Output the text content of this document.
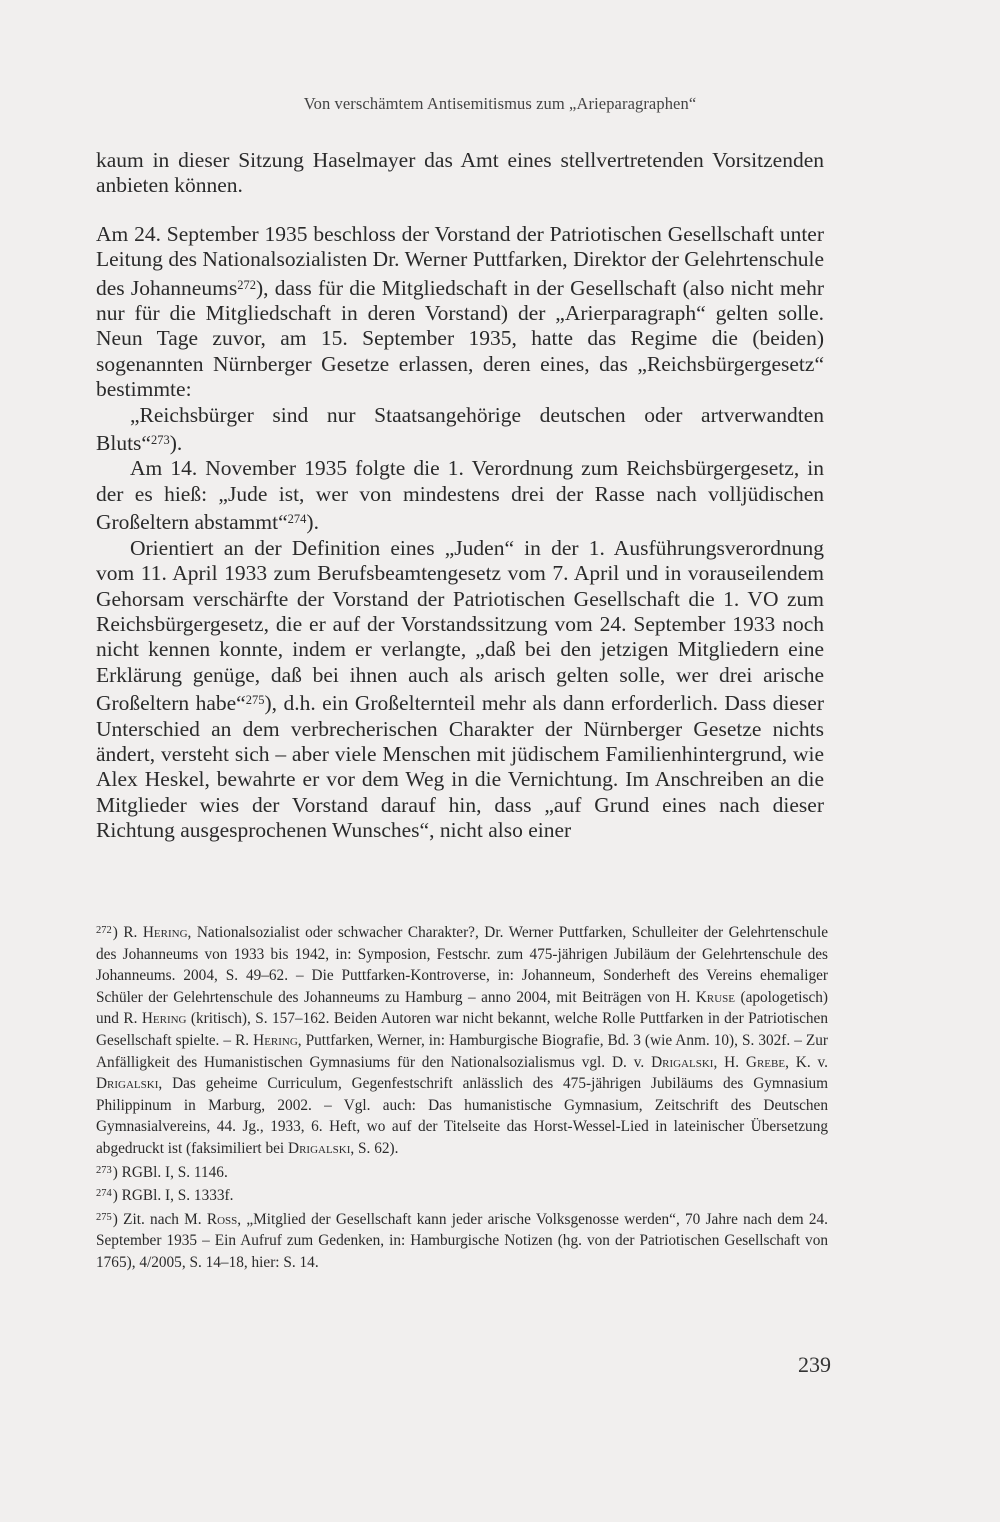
Von verschämtem Antisemitismus zum „Arieparagraphen“

kaum in dieser Sitzung Haselmayer das Amt eines stellvertretenden Vorsitzenden anbieten können.

Am 24. September 1935 beschloss der Vorstand der Patriotischen Gesellschaft unter Leitung des Nationalsozialisten Dr. Werner Puttfarken, Direktor der Gelehrtenschule des Johanneums$^{272}$), dass für die Mitgliedschaft in der Gesellschaft (also nicht mehr nur für die Mitgliedschaft in deren Vorstand) der „Arierparagraph“ gelten solle. Neun Tage zuvor, am 15. September 1935, hatte das Regime die (beiden) sogenannten Nürnberger Gesetze erlassen, deren eines, das „Reichsbürgergesetz“ bestimmte:

„Reichsbürger sind nur Staatsangehörige deutschen oder artverwandten Bluts“$^{273}$).

Am 14. November 1935 folgte die 1. Verordnung zum Reichsbürgergesetz, in der es hieß: „Jude ist, wer von mindestens drei der Rasse nach volljüdischen Großeltern abstammt“$^{274}$).

Orientiert an der Definition eines „Juden“ in der 1. Ausführungsverordnung vom 11. April 1933 zum Berufsbeamtengesetz vom 7. April und in vorauseilendem Gehorsam verschärfte der Vorstand der Patriotischen Gesellschaft die 1. VO zum Reichsbürgergesetz, die er auf der Vorstandssitzung vom 24. September 1933 noch nicht kennen konnte, indem er verlangte, „daß bei den jetzigen Mitgliedern eine Erklärung genüge, daß bei ihnen auch als arisch gelten solle, wer drei arische Großeltern habe“$^{275}$), d.h. ein Großelternteil mehr als dann erforderlich. Dass dieser Unterschied an dem verbrecherischen Charakter der Nürnberger Gesetze nichts ändert, versteht sich – aber viele Menschen mit jüdischem Familienhintergrund, wie Alex Heskel, bewahrte er vor dem Weg in die Vernichtung. Im Anschreiben an die Mitglieder wies der Vorstand darauf hin, dass „auf Grund eines nach dieser Richtung ausgesprochenen Wunsches“, nicht also einer

$^{272}$) R. Hering, Nationalsozialist oder schwacher Charakter?, Dr. Werner Puttfarken, Schulleiter der Gelehrtenschule des Johanneums von 1933 bis 1942, in: Symposion, Festschr. zum 475-jährigen Jubiläum der Gelehrtenschule des Johanneums. 2004, S. 49–62. – Die Puttfarken-Kontroverse, in: Johanneum, Sonderheft des Vereins ehemaliger Schüler der Gelehrtenschule des Johanneums zu Hamburg – anno 2004, mit Beiträgen von H. Kruse (apologetisch) und R. Hering (kritisch), S. 157–162. Beiden Autoren war nicht bekannt, welche Rolle Puttfarken in der Patriotischen Gesellschaft spielte. – R. Hering, Puttfarken, Werner, in: Hamburgische Biografie, Bd. 3 (wie Anm. 10), S. 302f. – Zur Anfälligkeit des Humanistischen Gymnasiums für den Nationalsozialismus vgl. D. v. Drigalski, H. Grebe, K. v. Drigalski, Das geheime Curriculum, Gegenfestschrift anlässlich des 475-jährigen Jubiläums des Gymnasium Philippinum in Marburg, 2002. – Vgl. auch: Das humanistische Gymnasium, Zeitschrift des Deutschen Gymnasialvereins, 44. Jg., 1933, 6. Heft, wo auf der Titelseite das Horst-Wessel-Lied in lateinischer Übersetzung abgedruckt ist (faksimiliert bei Drigalski, S. 62).

$^{273}$) RGBl. I, S. 1146.

$^{274}$) RGBl. I, S. 1333f.

$^{275}$) Zit. nach M. Ross, „Mitglied der Gesellschaft kann jeder arische Volksgenosse werden“, 70 Jahre nach dem 24. September 1935 – Ein Aufruf zum Gedenken, in: Hamburgische Notizen (hg. von der Patriotischen Gesellschaft von 1765), 4/2005, S. 14–18, hier: S. 14.

239
